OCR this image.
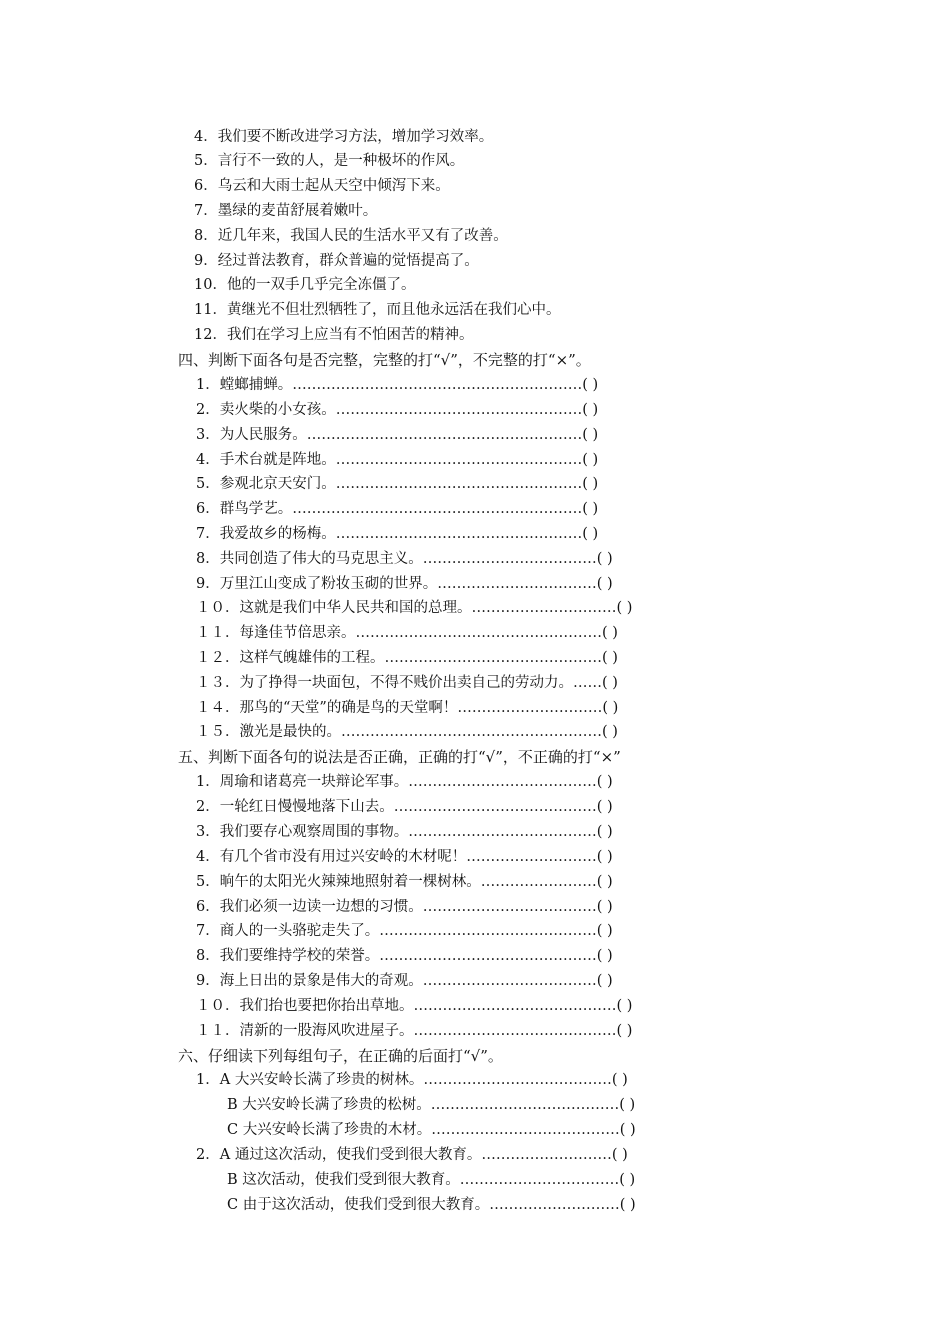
4．我们要不断改进学习方法，增加学习效率。
5．言行不一致的人，是一种极坏的作风。
6．乌云和大雨士起从天空中倾泻下来。
7．墨绿的麦苗舒展着嫩叶。
8．近几年来，我国人民的生活水平又有了改善。
9．经过普法教育，群众普遍的觉悟提高了。
10．他的一双手几乎完全冻僵了。
11．黄继光不但壮烈牺牲了，而且他永远活在我们心中。
12．我们在学习上应当有不怕困苦的精神。
四、判断下面各句是否完整，完整的打“√”，不完整的打“×”。
1．螳螂捕蝉。……………………………………………………( )
2．卖火柴的小女孩。……………………………………………( )
3．为人民服务。…………………………………………………( )
4．手术台就是阵地。……………………………………………( )
5．参观北京天安门。……………………………………………( )
6．群鸟学艺。……………………………………………………( )
7．我爱故乡的杨梅。……………………………………………( )
8．共同创造了伟大的马克思主义。………………………………( )
9．万里江山变成了粉妆玉砌的世界。……………………………( )
１０．这就是我们中华人民共和国的总理。…………………………( )
１１．每逢佳节倍思亲。……………………………………………( )
１２．这样气魄雄伟的工程。………………………………………( )
１３．为了挣得一块面包，不得不贱价出卖自己的劳动力。……( )
１４．那鸟的“天堂”的确是鸟的天堂啊！…………………………( )
１５．激光是最快的。………………………………………………( )
五、判断下面各句的说法是否正确，正确的打“√”，不正确的打“×”
1．周瑜和诸葛亮一块辩论军事。…………………………………( )
2．一轮红日慢慢地落下山去。……………………………………( )
3．我们要存心观察周围的事物。…………………………………( )
4．有几个省市没有用过兴安岭的木材呢！………………………( )
5．晌午的太阳光火辣辣地照射着一棵树林。……………………( )
6．我们必须一边读一边想的习惯。………………………………( )
7．商人的一头骆驼走失了。………………………………………( )
8．我们要维持学校的荣誉。………………………………………( )
9．海上日出的景象是伟大的奇观。………………………………( )
１０．我们抬也要把你抬出草地。……………………………………( )
１１．清新的一股海风吹进屋子。……………………………………( )
六、仔细读下列每组句子，在正确的后面打“√”。
1．A 大兴安岭长满了珍贵的树林。…………………………………( )
B 大兴安岭长满了珍贵的松树。…………………………………( )
C 大兴安岭长满了珍贵的木材。…………………………………( )
2．A 通过这次活动，使我们受到很大教育。………………………( )
B 这次活动，使我们受到很大教育。……………………………( )
C 由于这次活动，使我们受到很大教育。………………………( )
